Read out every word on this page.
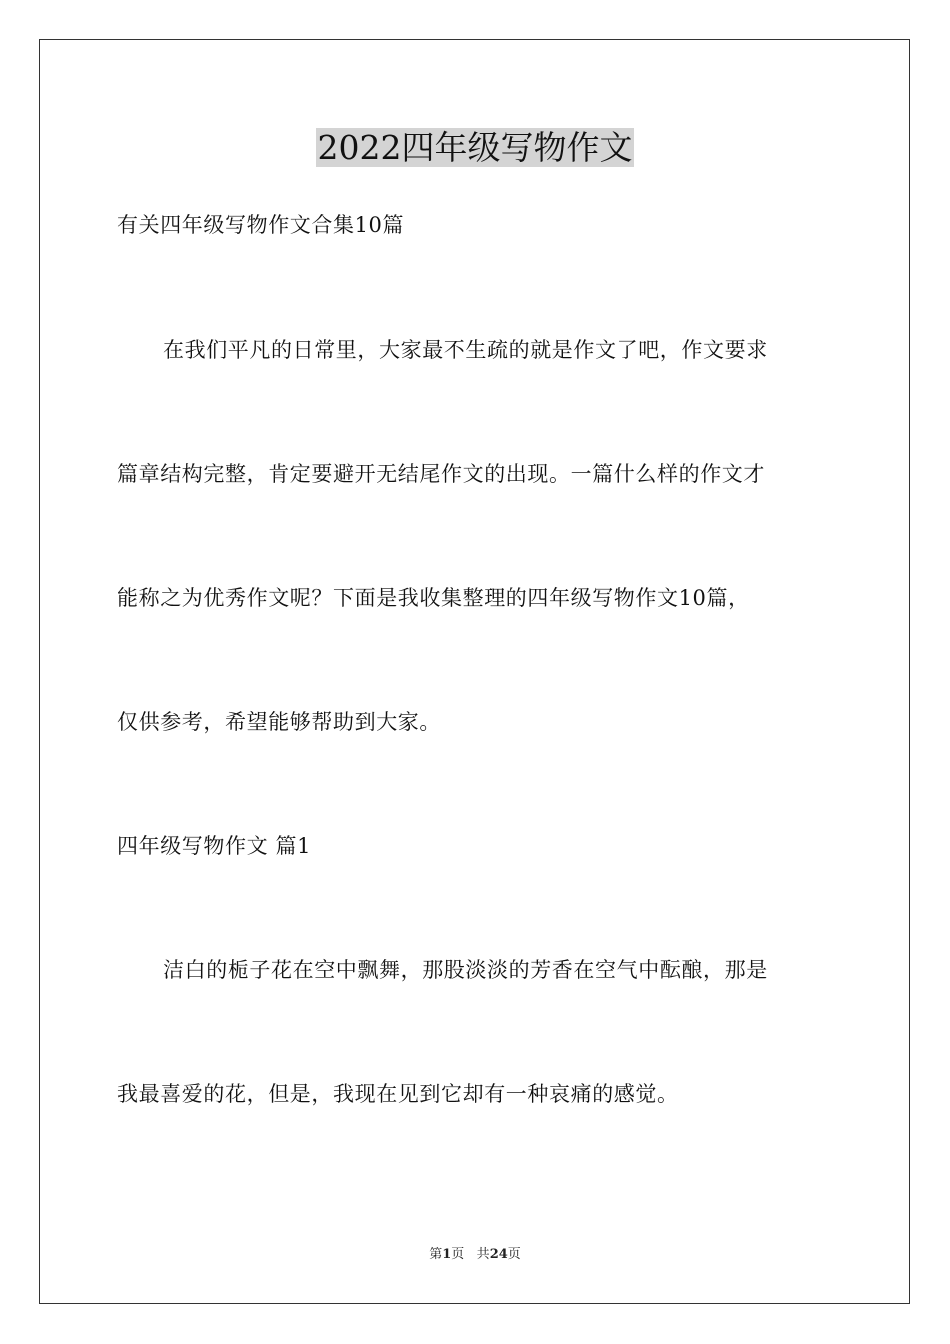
2022四年级写物作文
有关四年级写物作文合集10篇
在我们平凡的日常里，大家最不生疏的就是作文了吧，作文要求
篇章结构完整，肯定要避开无结尾作文的出现。一篇什么样的作文才
能称之为优秀作文呢？下面是我收集整理的四年级写物作文10篇，
仅供参考，希望能够帮助到大家。
四年级写物作文 篇1
洁白的栀子花在空中飘舞，那股淡淡的芳香在空气中酝酿，那是
我最喜爱的花，但是，我现在见到它却有一种哀痛的感觉。
第1页 共24页
